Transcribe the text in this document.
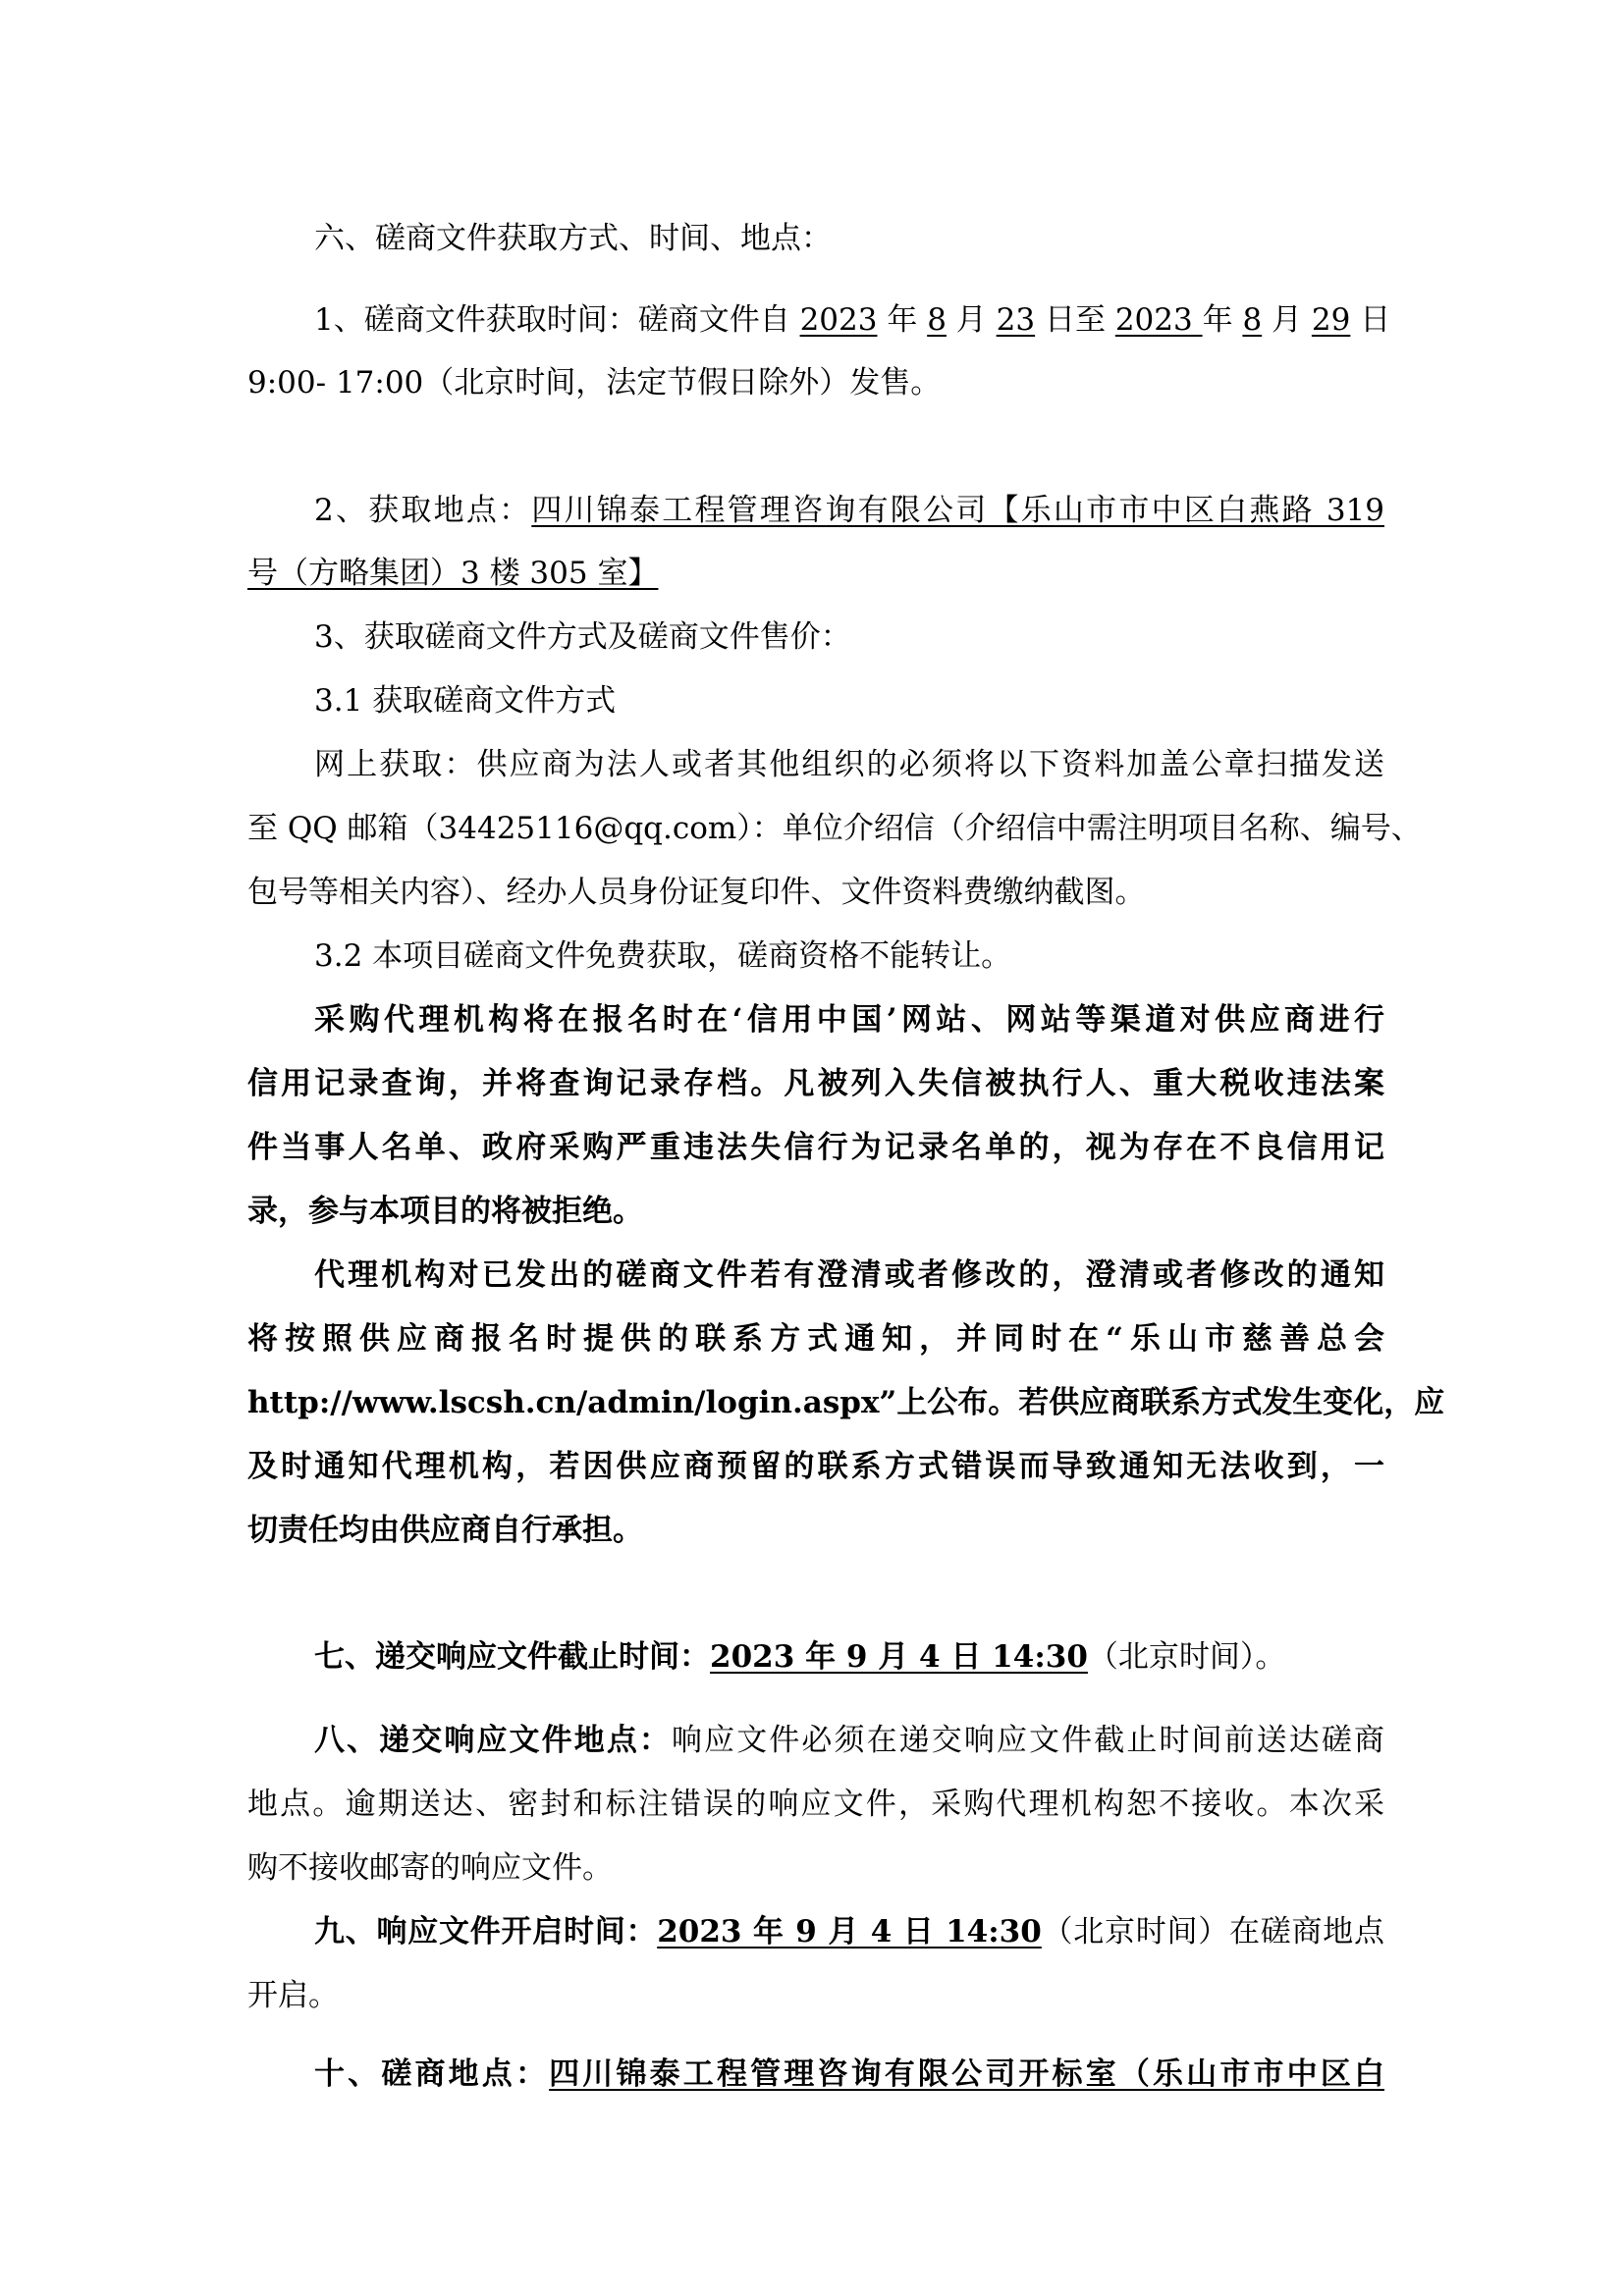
六、磋商文件获取方式、时间、地点：

1、磋商文件获取时间：磋商文件自 2023 年 8 月 23 日至 2023 年 8 月 29 日

9:00- 17:00（北京时间，法定节假日除外）发售。

2、获取地点：四川锦泰工程管理咨询有限公司【乐山市市中区白燕路 319

号（方略集团）3 楼 305 室】

3、获取磋商文件方式及磋商文件售价：

3.1 获取磋商文件方式

网上获取：供应商为法人或者其他组织的必须将以下资料加盖公章扫描发送

至 QQ 邮箱（34425116@qq.com）：单位介绍信（介绍信中需注明项目名称、编号、

包号等相关内容）、经办人员身份证复印件、文件资料费缴纳截图。

3.2 本项目磋商文件免费获取，磋商资格不能转让。

采购代理机构将在报名时在‘信用中国’网站、网站等渠道对供应商进行

信用记录查询，并将查询记录存档。凡被列入失信被执行人、重大税收违法案

件当事人名单、政府采购严重违法失信行为记录名单的，视为存在不良信用记

录，参与本项目的将被拒绝。

代理机构对已发出的磋商文件若有澄清或者修改的，澄清或者修改的通知

将按照供应商报名时提供的联系方式通知，并同时在“乐山市慈善总会

http://www.lscsh.cn/admin/login.aspx”上公布。若供应商联系方式发生变化，应

及时通知代理机构，若因供应商预留的联系方式错误而导致通知无法收到，一

切责任均由供应商自行承担。

七、递交响应文件截止时间：2023 年 9 月 4 日 14:30（北京时间）。

八、递交响应文件地点：响应文件必须在递交响应文件截止时间前送达磋商

地点。逾期送达、密封和标注错误的响应文件，采购代理机构恕不接收。本次采

购不接收邮寄的响应文件。

九、响应文件开启时间：2023 年 9 月 4 日 14:30（北京时间）在磋商地点

开启。

十、磋商地点：四川锦泰工程管理咨询有限公司开标室（乐山市市中区白
